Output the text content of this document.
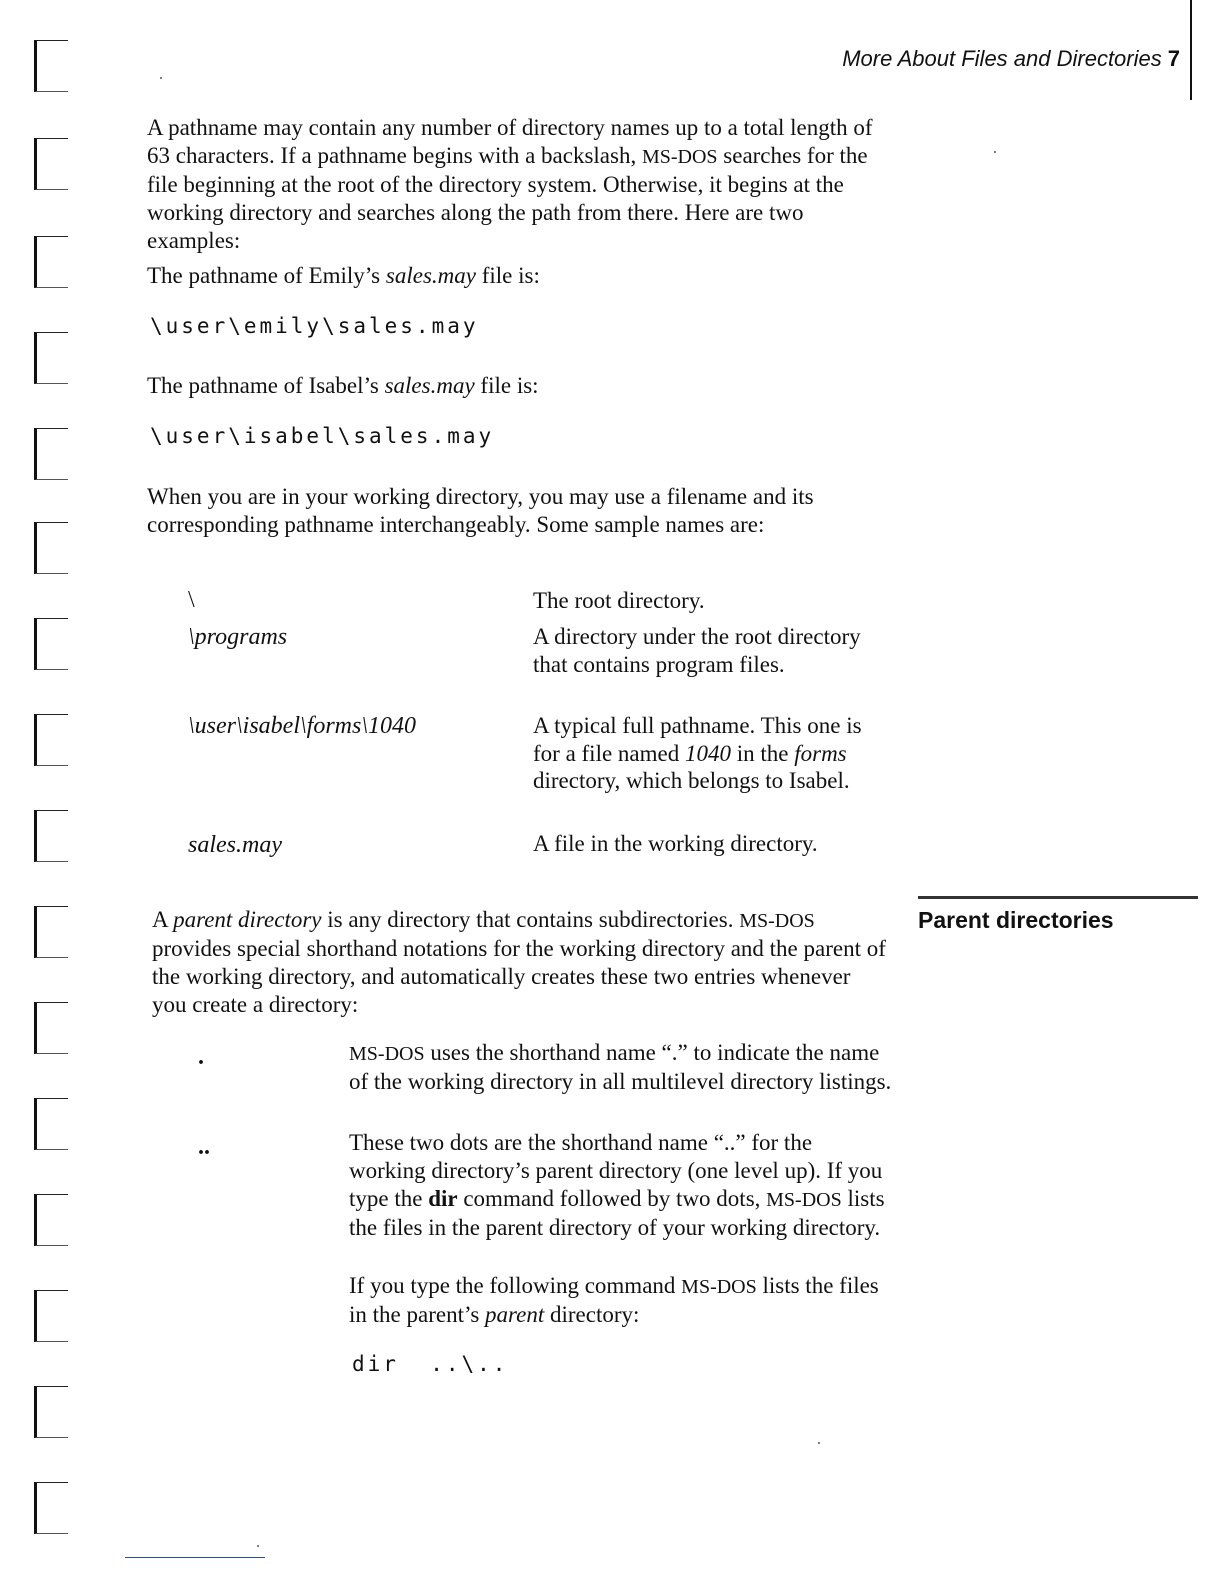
More About Files and Directories 7

A pathname may contain any number of directory names up to a total length of 63 characters. If a pathname begins with a backslash, MS-DOS searches for the file beginning at the root of the directory system. Otherwise, it begins at the working directory and searches along the path from there. Here are two examples:

The pathname of Emily’s sales.may file is:
\user\emily\sales.may
The pathname of Isabel’s sales.may file is:
\user\isabel\sales.may
When you are in your working directory, you may use a filename and its corresponding pathname interchangeably. Some sample names are:
\	The root directory.
\programs	A directory under the root directory that contains program files.
\user\isabel\forms\1040	A typical full pathname. This one is for a file named 1040 in the forms directory, which belongs to Isabel.
sales.may	A file in the working directory.
Parent directories
A parent directory is any directory that contains subdirectories. MS-DOS provides special shorthand notations for the working directory and the parent of the working directory, and automatically creates these two entries whenever you create a directory:
.	MS-DOS uses the shorthand name “.” to indicate the name of the working directory in all multilevel directory listings.
..	These two dots are the shorthand name “..” for the working directory’s parent directory (one level up). If you type the dir command followed by two dots, MS-DOS lists the files in the parent directory of your working directory.
If you type the following command MS-DOS lists the files in the parent’s parent directory:
dir  ..\..
